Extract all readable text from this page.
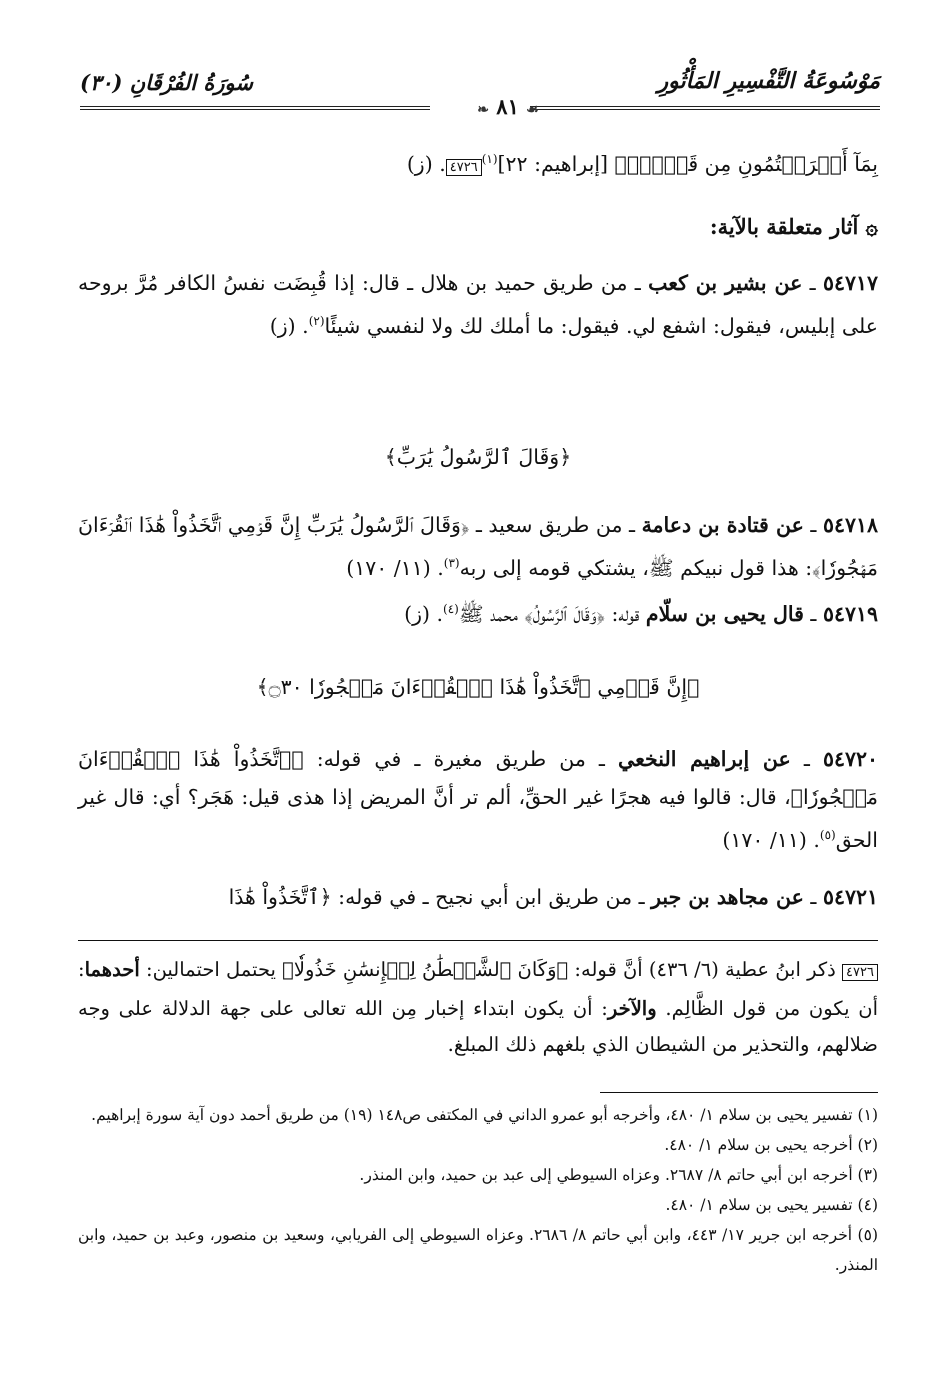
مَوْسُوعَةُ التَّفْسِيرِ المَأْثُورِ
سُورَةُ الفُرْقَانِ (٣٠)
❧ ٨١ ☙
بِمَآ أَشۡرَكۡتُمُونِ مِن قَبۡلُۗ﴾ [إبراهيم: ٢٢]$^{(١)}$٤٧٢٦. (ز)
۞ آثار متعلقة بالآية:
٥٤٧١٧ ـ عن بشير بن كعب ـ من طريق حميد بن هلال ـ قال: إذا قُبِضَت نفسُ الكافر مُرَّ بروحه على إبليس، فيقول: اشفع لي. فيقول: ما أملك لك ولا لنفسي شيئًا$^{(٢)}$. (ز)
﴿وَقَالَ ٱلرَّسُولُ يَٰرَبِّ﴾
٥٤٧١٨ ـ عن قتادة بن دعامة ـ من طريق سعيد ـ ﴿وَقَالَ ٱلرَّسُولُ يَٰرَبِّ إِنَّ قَوۡمِي ٱتَّخَذُواْ هَٰذَا ٱلۡقُرۡءَانَ مَهۡجُورٗا﴾: هذا قول نبيكم ﷺ، يشتكي قومه إلى ربه$^{(٣)}$. (١١/ ١٧٠)
٥٤٧١٩ ـ قال يحيى بن سلّام قوله: ﴿وَقَالَ ٱلرَّسُولُ﴾ محمد ﷺ$^{(٤)}$. (ز)
﴿إِنَّ قَوۡمِي ٱتَّخَذُواْ هَٰذَا ٱلۡقُرۡءَانَ مَهۡجُورٗا ۝٣٠﴾
٥٤٧٢٠ ـ عن إبراهيم النخعي ـ من طريق مغيرة ـ في قوله: ﴿ٱتَّخَذُواْ هَٰذَا ٱلۡقُرۡءَانَ مَهۡجُورٗا﴾، قال: قالوا فيه هجرًا غير الحقِّ، ألم تر أنَّ المريض إذا هذى قيل: هَجَر؟ أي: قال غير الحق$^{(٥)}$. (١١/ ١٧٠)
٥٤٧٢١ ـ عن مجاهد بن جبر ـ من طريق ابن أبي نجيح ـ في قوله: ﴿ٱتَّخَذُواْ هَٰذَا
٤٧٢٦ ذكر ابنُ عطية (٦/ ٤٣٦) أنَّ قوله: ﴿وَكَانَ ٱلشَّيۡطَٰنُ لِلۡإِنسَٰنِ خَذُولٗا﴾ يحتمل احتمالين: أحدهما: أن يكون من قول الظَّالِم. والآخر: أن يكون ابتداء إخبار مِن الله تعالى على جهة الدلالة على وجه ضلالهم، والتحذير من الشيطان الذي بلغهم ذلك المبلغ.

(١) تفسير يحيى بن سلام ١/ ٤٨٠، وأخرجه أبو عمرو الداني في المكتفى ص١٤٨ (١٩) من طريق أحمد دون آية سورة إبراهيم.

(٢) أخرجه يحيى بن سلام ١/ ٤٨٠.

(٣) أخرجه ابن أبي حاتم ٨/ ٢٦٨٧. وعزاه السيوطي إلى عبد بن حميد، وابن المنذر.

(٤) تفسير يحيى بن سلام ١/ ٤٨٠.

(٥) أخرجه ابن جرير ١٧/ ٤٤٣، وابن أبي حاتم ٨/ ٢٦٨٦. وعزاه السيوطي إلى الفريابي، وسعيد بن منصور، وعبد بن حميد، وابن المنذر.
